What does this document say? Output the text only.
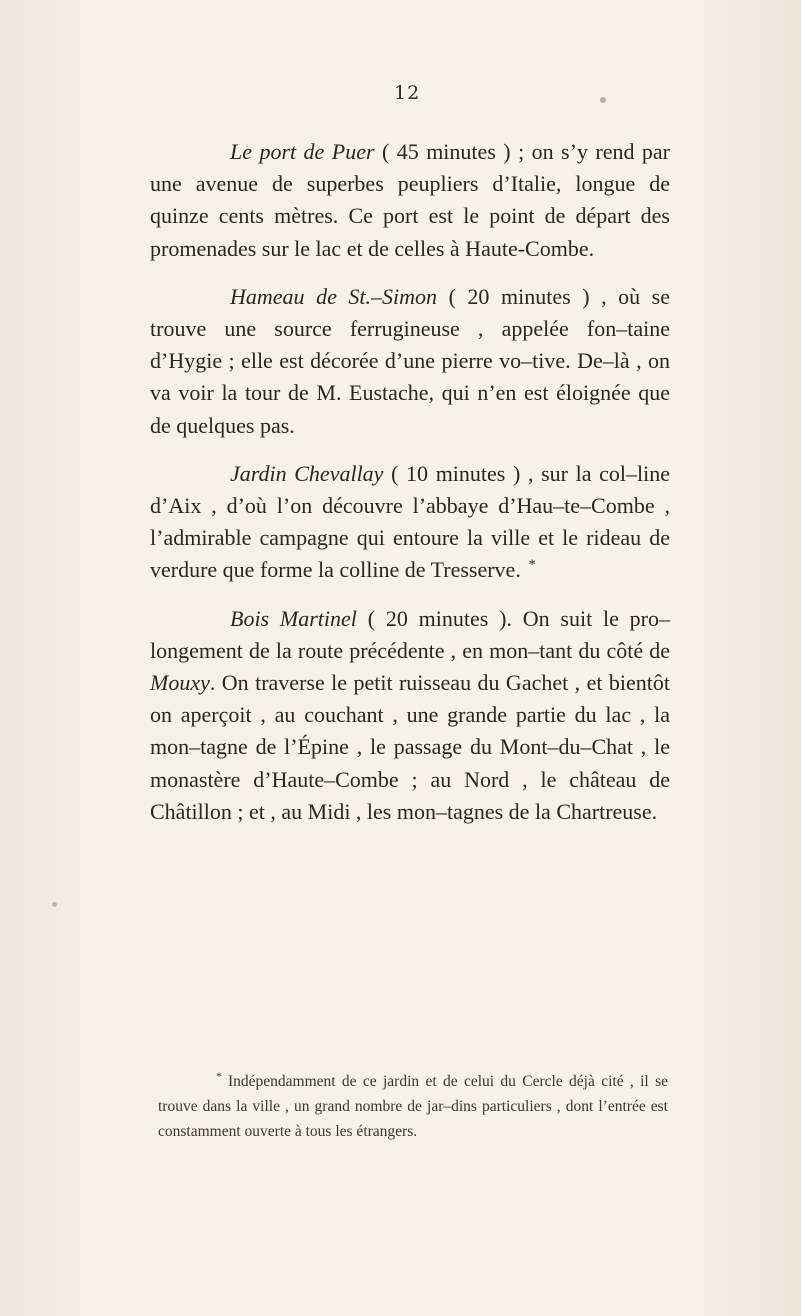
12

Le port de Puer ( 45 minutes ) ; on s’y rend par une avenue de superbes peupliers d’Italie, longue de quinze cents mètres. Ce port est le point de départ des promenades sur le lac et de celles à Haute-Combe.

Hameau de St.–Simon ( 20 minutes ) , où se trouve une source ferrugineuse , appelée fon–taine d’Hygie ; elle est décorée d’une pierre vo–tive. De–là , on va voir la tour de M. Eustache, qui n’en est éloignée que de quelques pas.

Jardin Chevallay ( 10 minutes ) , sur la col–line d’Aix , d’où l’on découvre l’abbaye d’Hau–te–Combe , l’admirable campagne qui entoure la ville et le rideau de verdure que forme la colline de Tresserve. *

Bois Martinel ( 20 minutes ). On suit le pro–longement de la route précédente , en mon–tant du côté de Mouxy. On traverse le petit ruisseau du Gachet , et bientôt on aperçoit , au couchant , une grande partie du lac , la mon–tagne de l’Épine , le passage du Mont–du–Chat , le monastère d’Haute–Combe ; au Nord , le château de Châtillon ; et , au Midi , les mon–tagnes de la Chartreuse.

* Indépendamment de ce jardin et de celui du Cercle déjà cité , il se trouve dans la ville , un grand nombre de jar–dins particuliers , dont l’entrée est constamment ouverte à tous les étrangers.
